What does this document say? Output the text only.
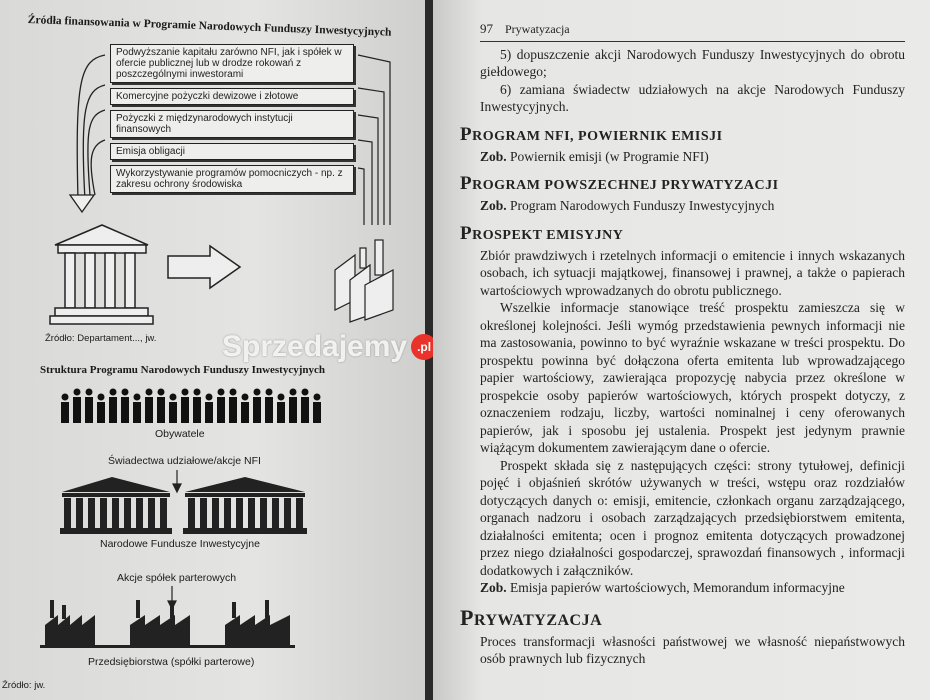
Źródła finansowania w Programie Narodowych Funduszy Inwestycyjnych
Podwyższanie kapitału zarówno NFI, jak i spółek w ofercie publicznej lub w drodze rokowań z poszczególnymi inwestorami
Komercyjne pożyczki dewizowe i złotowe
Pożyczki z międzynarodowych instytucji finansowych
Emisja obligacji
Wykorzystywanie programów pomocniczych - np. z zakresu ochrony środowiska
Źródło: Departament..., jw.
Struktura Programu Narodowych Funduszy Inwestycyjnych
Obywatele
Świadectwa udziałowe/akcje NFI
Narodowe Fundusze Inwestycyjne
Akcje spółek parterowych
Przedsiębiorstwa (spółki parterowe)
Źródło: jw.
Sprzedajemy .pl
97 Prywatyzacja

5) dopuszczenie akcji Narodowych Funduszy Inwestycyjnych do obrotu giełdowego;

6) zamiana świadectw udziałowych na akcje Narodowych Funduszy Inwestycyjnych.

PROGRAM NFI, POWIERNIK EMISJI

Zob. Powiernik emisji (w Programie NFI)

PROGRAM POWSZECHNEJ PRYWATYZACJI

Zob. Program Narodowych Funduszy Inwestycyjnych

PROSPEKT EMISYJNY

Zbiór prawdziwych i rzetelnych informacji o emitencie i innych wskazanych osobach, ich sytuacji majątkowej, finansowej i prawnej, a także o papierach wartościowych wprowadzanych do obrotu publicznego.

Wszelkie informacje stanowiące treść prospektu zamieszcza się w określonej kolejności. Jeśli wymóg przedstawienia pewnych informacji nie ma zastosowania, powinno to być wyraźnie wskazane w treści prospektu. Do prospektu powinna być dołączona oferta emitenta lub wprowadzającego papier wartościowy, zawierająca propozycję nabycia przez określone w prospekcie osoby papierów wartościowych, których prospekt dotyczy, z oznaczeniem rodzaju, liczby, wartości nominalnej i ceny oferowanych papierów, jak i sposobu jej ustalenia. Prospekt jest jedynym prawnie wiążącym dokumentem zawierającym dane o ofercie.

Prospekt składa się z następujących części: strony tytułowej, definicji pojęć i objaśnień skrótów używanych w treści, wstępu oraz rozdziałów dotyczących danych o: emisji, emitencie, członkach organu zarządzającego, organach nadzoru i osobach zarządzających przedsiębiorstwem emitenta, działalności emitenta; ocen i prognoz emitenta dotyczących prowadzonej przez niego działalności gospodarczej, sprawozdań finansowych , informacji dodatkowych i załączników.

Zob. Emisja papierów wartościowych, Memorandum informacyjne

PRYWATYZACJA

Proces transformacji własności państwowej we własność niepaństwowych osób prawnych lub fizycznych
